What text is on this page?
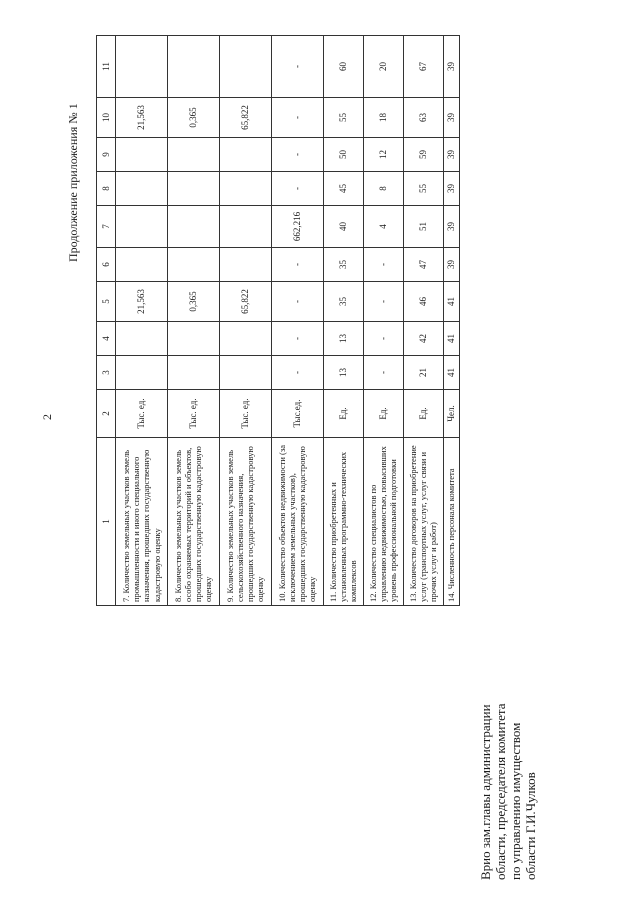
2
Продолжение приложения № 1
1	2	3	4	5	6	7	8	9	10	11
7. Количество земельных участков земель промышленности и иного специального назначения, прошедших государственную кадастровую оценку	Тыс. ед.			21,563					21,563	
8. Количество земельных участков земель особо охраняемых территорий и объектов, прошедших государственную кадастровую оценку	Тыс. ед.			0,365					0,365	
9. Количество земельных участков земель сельскохозяйственного назначения, прошедших государственную кадастровую оценку	Тыс. ед.			65,822					65,822	
10. Количество объектов недвижимости (за исключением земельных участков), прошедших государственную кадастровую оценку	Тыс.ед.	-	-	-	-	662,216	-	-	-	-
11. Количество приобретенных и установленных программно-технических комплексов	Ед.	13	13	35	35	40	45	50	55	60
12. Количество специалистов по управлению недвижимостью, повысивших уровень профессиональной подготовки	Ед.	-	-	-	-	4	8	12	18	20
13. Количество договоров на приобретение услуг (транспортных услуг, услуг связи и прочих услуг и работ)	Ед.	21	42	46	47	51	55	59	63	67
14. Численность персонала комитета	Чел.	41	41	41	39	39	39	39	39	39
Врио зам.главы администрации области, председателя комитета по управлению имуществом области Г.И.Чулков
